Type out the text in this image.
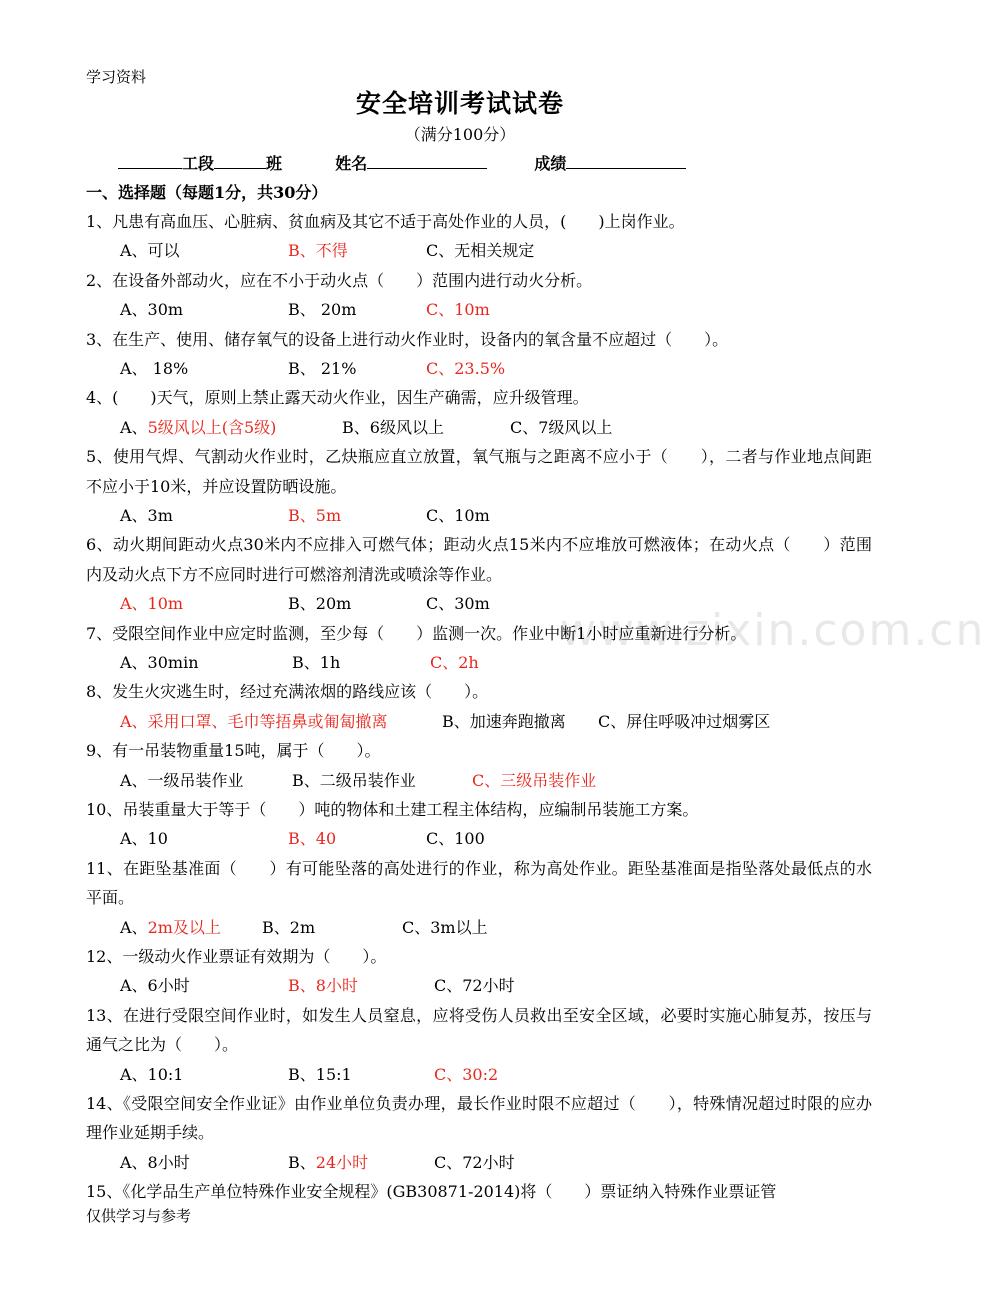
学习资料
www.zixin.com.cn
安全培训考试试卷
（满分100分）
工段	班	姓名	成绩
一、选择题（每题1分，共30分）
1、凡患有高血压、心脏病、贫血病及其它不适于高处作业的人员，(　　)上岗作业。
A、可以	B、不得	C、无相关规定
2、在设备外部动火，应在不小于动火点（　　）范围内进行动火分析。
A、30m	B、 20m	C、10m
3、在生产、使用、储存氧气的设备上进行动火作业时，设备内的氧含量不应超过（　　）。
A、 18%	B、 21%	C、23.5%
4、(　　)天气，原则上禁止露天动火作业，因生产确需，应升级管理。
A、5级风以上(含5级)	B、6级风以上	C、7级风以上
5、使用气焊、气割动火作业时，乙炔瓶应直立放置，氧气瓶与之距离不应小于（　　），二者与作业地点间距不应小于10米，并应设置防晒设施。
A、3m	B、5m	C、10m
6、动火期间距动火点30米内不应排入可燃气体；距动火点15米内不应堆放可燃液体；在动火点（　　）范围内及动火点下方不应同时进行可燃溶剂清洗或喷涂等作业。
A、10m	B、20m	C、30m
7、受限空间作业中应定时监测，至少每（　　）监测一次。作业中断1小时应重新进行分析。
A、30min	B、1h	C、2h
8、发生火灾逃生时，经过充满浓烟的路线应该（　　）。
A、采用口罩、毛巾等捂鼻或匍匐撤离	B、加速奔跑撤离 C、屏住呼吸冲过烟雾区
9、有一吊装物重量15吨，属于（　　）。
A、一级吊装作业	B、二级吊装作业	C、三级吊装作业
10、吊装重量大于等于（　　）吨的物体和土建工程主体结构，应编制吊装施工方案。
A、10	B、40	C、100
11、在距坠基准面（　　）有可能坠落的高处进行的作业，称为高处作业。距坠基准面是指坠落处最低点的水平面。
A、2m及以上	B、2m	C、3m以上
12、一级动火作业票证有效期为（　　）。
A、6小时	B、8小时	C、72小时
13、在进行受限空间作业时，如发生人员窒息，应将受伤人员救出至安全区域，必要时实施心肺复苏，按压与通气之比为（　　）。
A、10:1	B、15:1	C、30:2
14、《受限空间安全作业证》由作业单位负责办理，最长作业时限不应超过（　　），特殊情况超过时限的应办理作业延期手续。
A、8小时	B、24小时	C、72小时
15、《化学品生产单位特殊作业安全规程》(GB30871-2014)将（　　）票证纳入特殊作业票证管
仅供学习与参考
